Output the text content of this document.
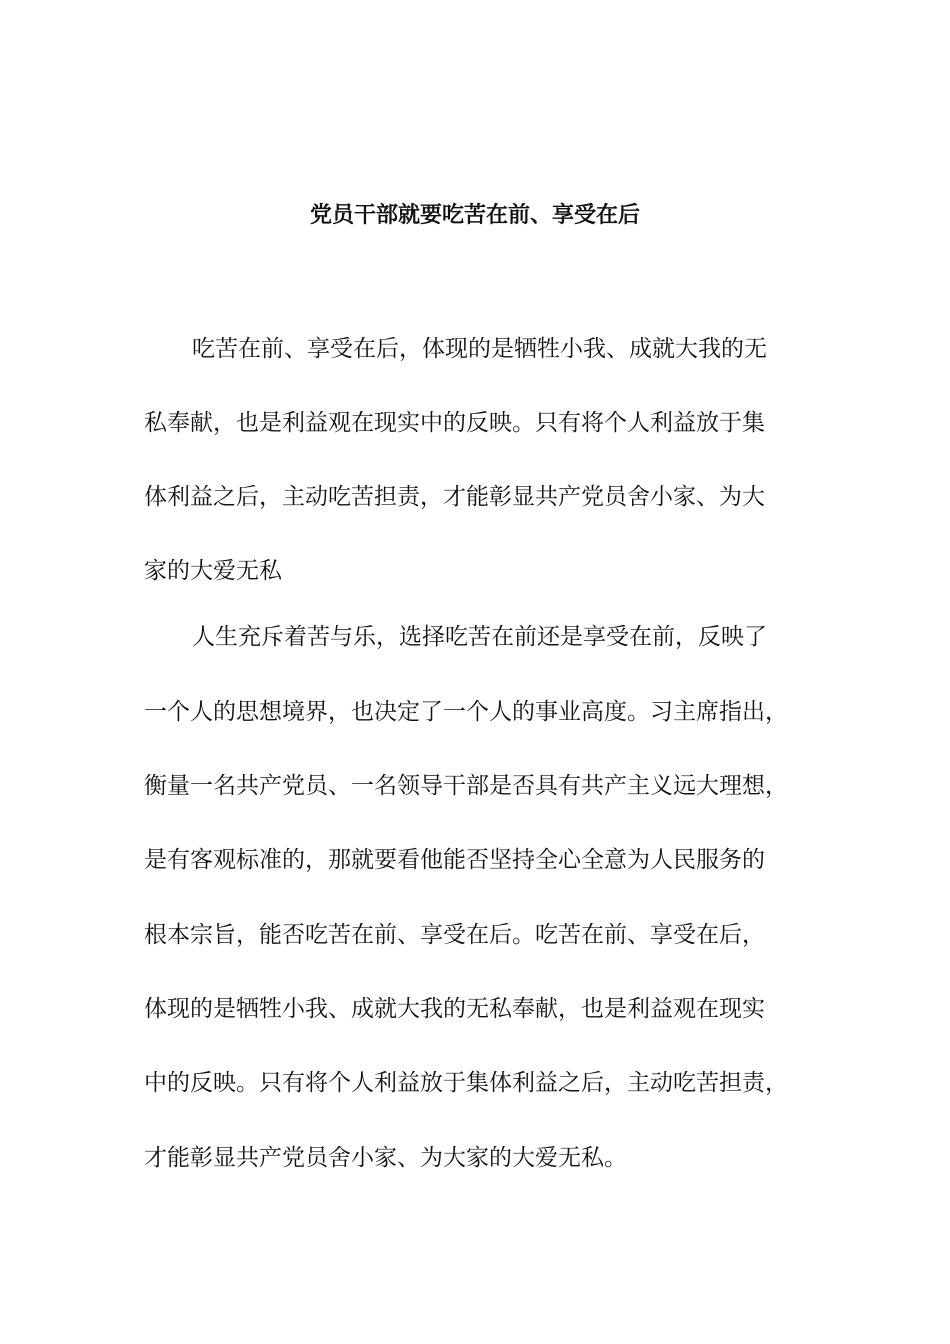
党员干部就要吃苦在前、享受在后
吃苦在前、享受在后，体现的是牺牲小我、成就大我的无
私奉献，也是利益观在现实中的反映。只有将个人利益放于集
体利益之后，主动吃苦担责，才能彰显共产党员舍小家、为大
家的大爱无私
人生充斥着苦与乐，选择吃苦在前还是享受在前，反映了
一个人的思想境界，也决定了一个人的事业高度。习主席指出，
衡量一名共产党员、一名领导干部是否具有共产主义远大理想，
是有客观标准的，那就要看他能否坚持全心全意为人民服务的
根本宗旨，能否吃苦在前、享受在后。吃苦在前、享受在后，
体现的是牺牲小我、成就大我的无私奉献，也是利益观在现实
中的反映。只有将个人利益放于集体利益之后，主动吃苦担责，
才能彰显共产党员舍小家、为大家的大爱无私。
